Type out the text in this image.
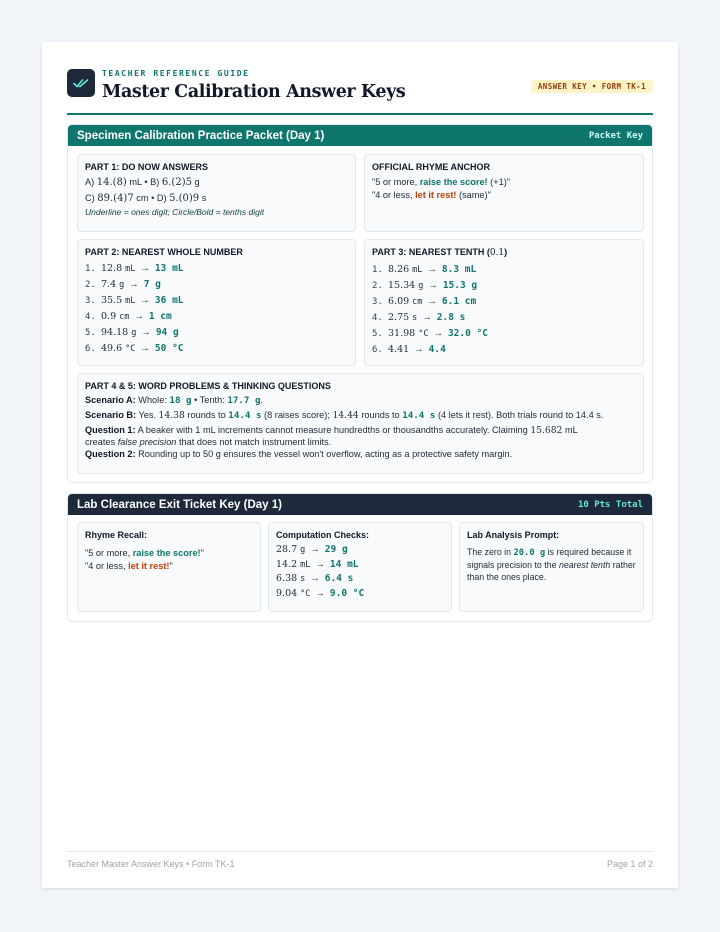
TEACHER REFERENCE GUIDE
Master Calibration Answer Keys	ANSWER KEY • FORM TK-1
Specimen Calibration Practice Packet (Day 1)	Packet Key
PART 1: DO NOW ANSWERS
A) 14.(8) mL • B) 6.(2)5 g
C) 89.(4)7 cm • D) 5.(0)9 s
Underline = ones digit; Circle/Bold = tenths digit
OFFICIAL RHYME ANCHOR
"5 or more, raise the score! (+1)"
"4 or less, let it rest! (same)"
PART 2: NEAREST WHOLE NUMBER
1. 12.8 mL → 13 mL
2. 7.4 g → 7 g
3. 35.5 mL → 36 mL
4. 0.9 cm → 1 cm
5. 94.18 g → 94 g
6. 49.6 °C → 50 °C
PART 3: NEAREST TENTH (0.1)
1. 8.26 mL → 8.3 mL
2. 15.34 g → 15.3 g
3. 6.09 cm → 6.1 cm
4. 2.75 s → 2.8 s
5. 31.98 °C → 32.0 °C
6. 4.41 → 4.4
PART 4 & 5: WORD PROBLEMS & THINKING QUESTIONS
Scenario A: Whole: 18 g • Tenth: 17.7 g.
Scenario B: Yes. 14.38 rounds to 14.4 s (8 raises score); 14.44 rounds to 14.4 s (4 lets it rest). Both trials round to 14.4 s.
Question 1: A beaker with 1 mL increments cannot measure hundredths or thousandths accurately. Claiming 15.682 mL
creates false precision that does not match instrument limits.
Question 2: Rounding up to 50 g ensures the vessel won't overflow, acting as a protective safety margin.
Lab Clearance Exit Ticket Key (Day 1)	10 Pts Total
Rhyme Recall:
"5 or more, raise the score!"
"4 or less, let it rest!"
Computation Checks:
28.7 g → 29 g
14.2 mL → 14 mL
6.38 s → 6.4 s
9.04 °C → 9.0 °C
Lab Analysis Prompt:
The zero in 20.0 g is required because it signals precision to the nearest tenth rather than the ones place.
Teacher Master Answer Keys • Form TK-1	Page 1 of 2
